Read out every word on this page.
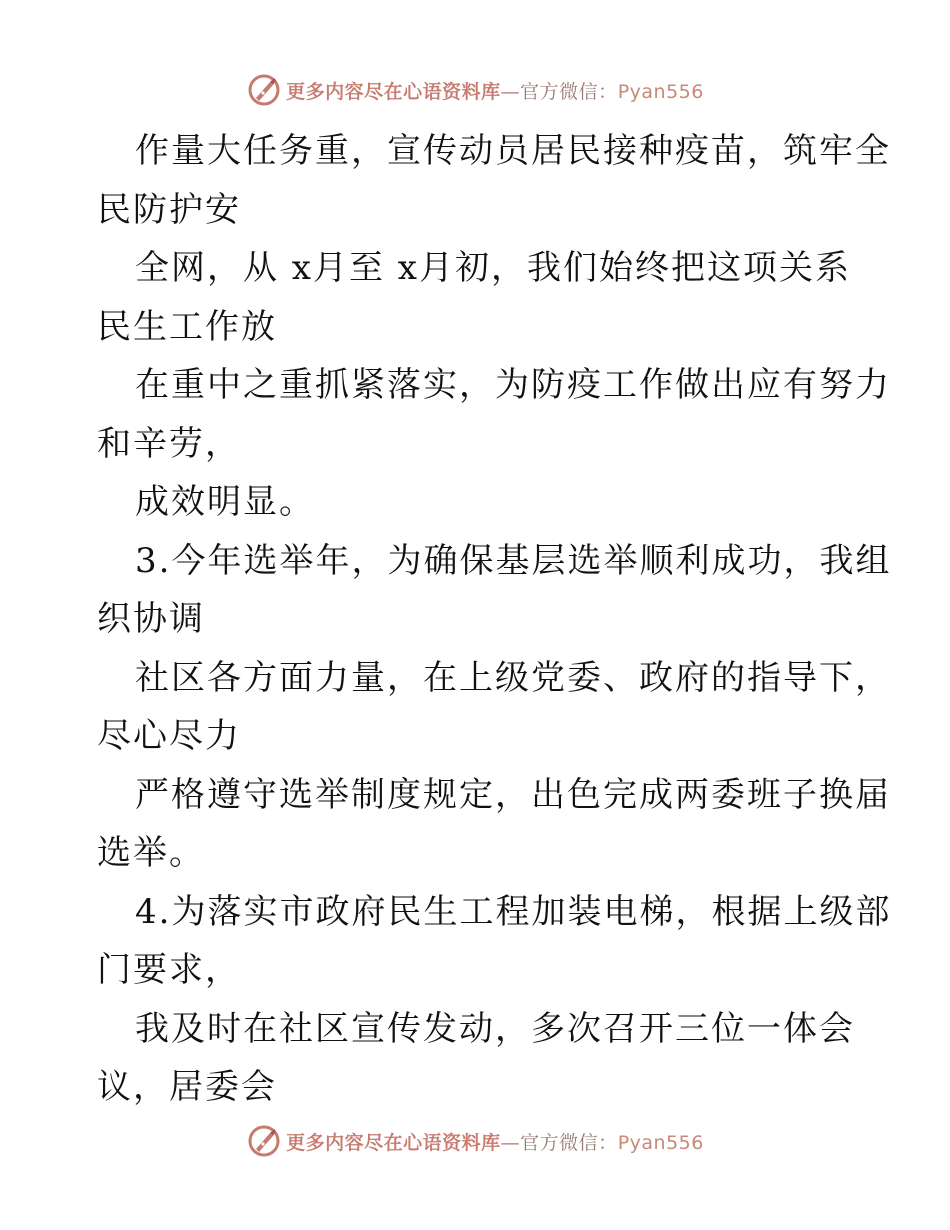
更多内容尽在心语资料库—官方微信：Pyan556
作量大任务重，宣传动员居民接种疫苗，筑牢全
民防护安
全网，从 x月至 x月初，我们始终把这项关系
民生工作放
在重中之重抓紧落实，为防疫工作做出应有努力
和辛劳，
成效明显。
3.今年选举年，为确保基层选举顺利成功，我组
织协调
社区各方面力量，在上级党委、政府的指导下，
尽心尽力
严格遵守选举制度规定，出色完成两委班子换届
选举。
4.为落实市政府民生工程加装电梯，根据上级部
门要求，
我及时在社区宣传发动，多次召开三位一体会
议，居委会
更多内容尽在心语资料库—官方微信：Pyan556
